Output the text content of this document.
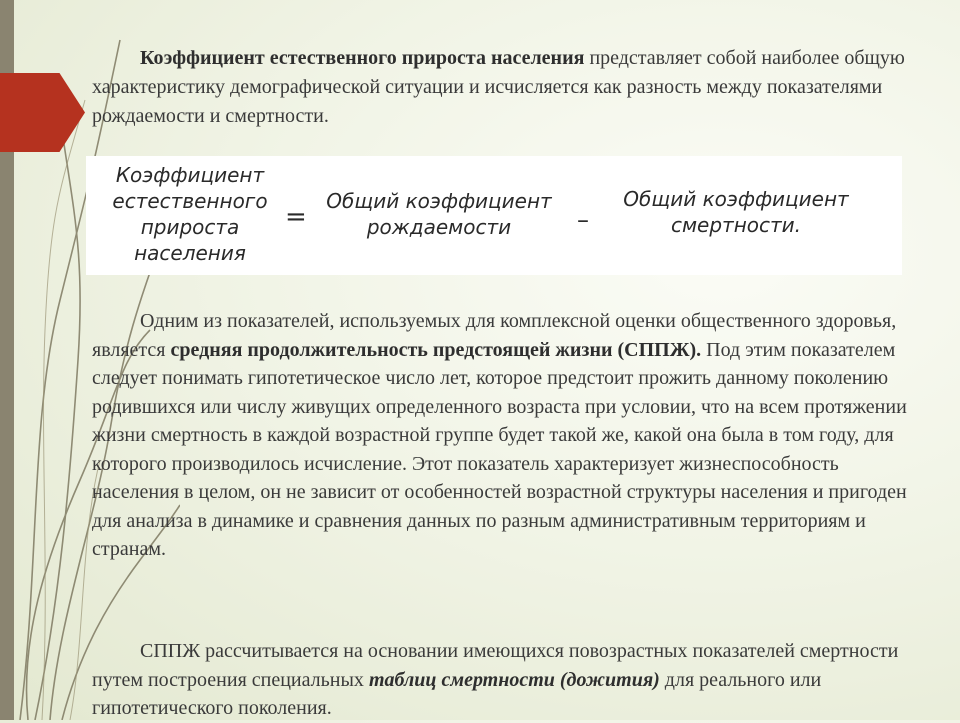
Коэффициент естественного прироста населения представляет собой наиболее общую характеристику демографической ситуации и исчисляется как разность между показателями рождаемости и смертности.

Коэффициент
естественного
прироста
населения
=
Общий коэффициент
рождаемости	–
Общий коэффициент
смертности.

Одним из показателей, используемых для комплексной оценки общественного здоровья, является средняя продолжительность предстоящей жизни (СППЖ). Под этим показателем следует понимать гипотетическое число лет, которое предстоит прожить данному поколению родившихся или числу живущих определенного возраста при условии, что на всем протяжении жизни смертность в каждой возрастной группе будет такой же, какой она была в том году, для которого производилось исчисление. Этот показатель характеризует жизнеспособность населения в целом, он не зависит от особенностей возрастной структуры населения и пригоден для анализа в динамике и сравнения данных по разным административным территориям и странам.

СППЖ рассчитывается на основании имеющихся повозрастных показателей смертности путем построения специальных таблиц смертности (дожития) для реального или гипотетического поколения.
